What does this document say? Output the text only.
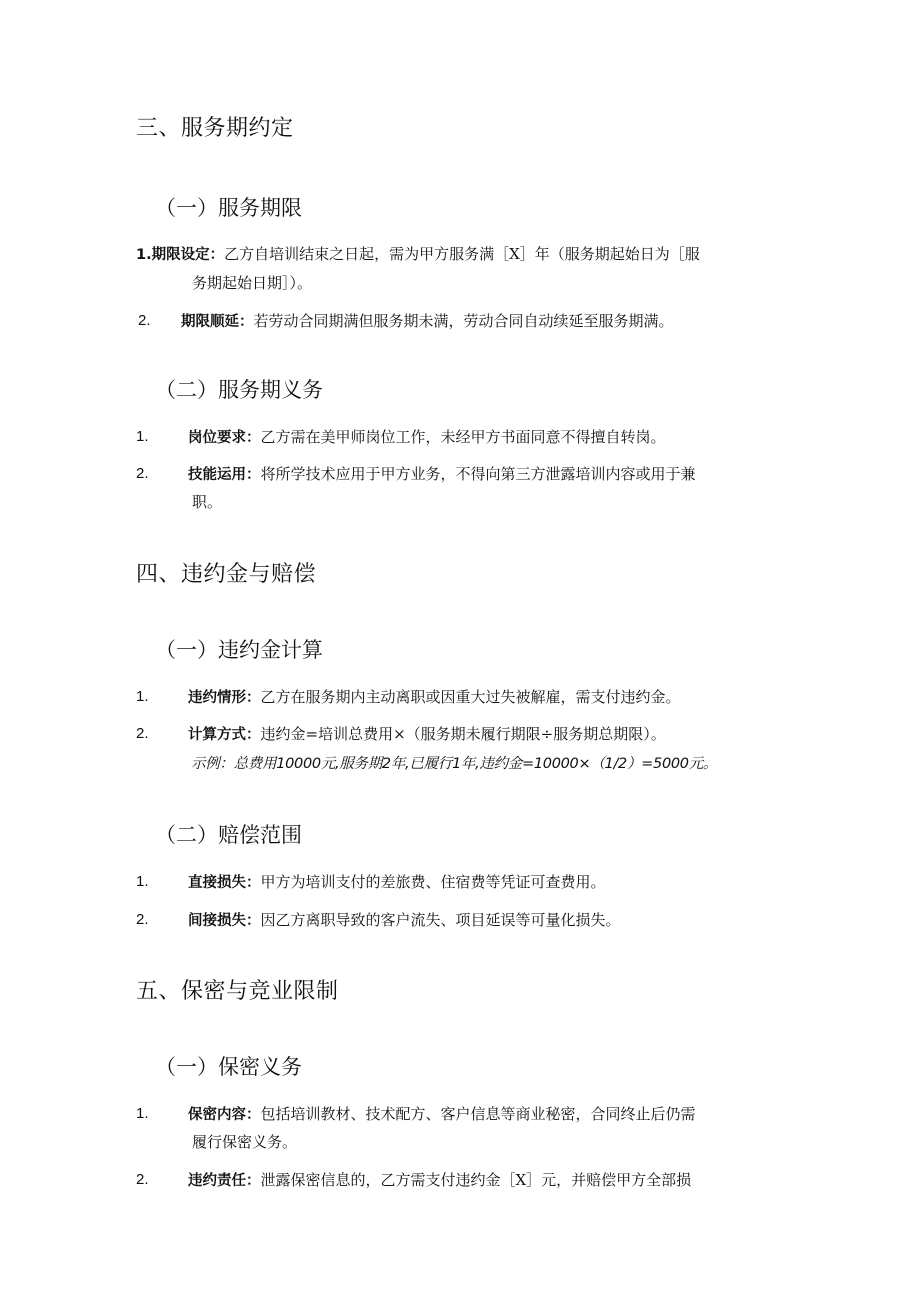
三、服务期约定
（一）服务期限
1.期限设定：乙方自培训结束之日起，需为甲方服务满［X］年（服务期起始日为［服
务期起始日期］）。
2. 期限顺延：若劳动合同期满但服务期未满，劳动合同自动续延至服务期满。
（二）服务期义务
1.	岗位要求：乙方需在美甲师岗位工作，未经甲方书面同意不得擅自转岗。
2.	技能运用：将所学技术应用于甲方业务，不得向第三方泄露培训内容或用于兼
职。
四、违约金与赔偿
（一）违约金计算
1.	违约情形：乙方在服务期内主动离职或因重大过失被解雇，需支付违约金。
2.	计算方式：违约金=培训总费用×（服务期未履行期限÷服务期总期限）。
示例：总费用10000元,服务期2年,已履行1年,违约金=10000×（1/2）=5000元。
（二）赔偿范围
1.	直接损失：甲方为培训支付的差旅费、住宿费等凭证可查费用。
2.	间接损失：因乙方离职导致的客户流失、项目延误等可量化损失。
五、保密与竞业限制
（一）保密义务
1.	保密内容：包括培训教材、技术配方、客户信息等商业秘密，合同终止后仍需
履行保密义务。
2.	违约责任：泄露保密信息的，乙方需支付违约金［X］元，并赔偿甲方全部损
